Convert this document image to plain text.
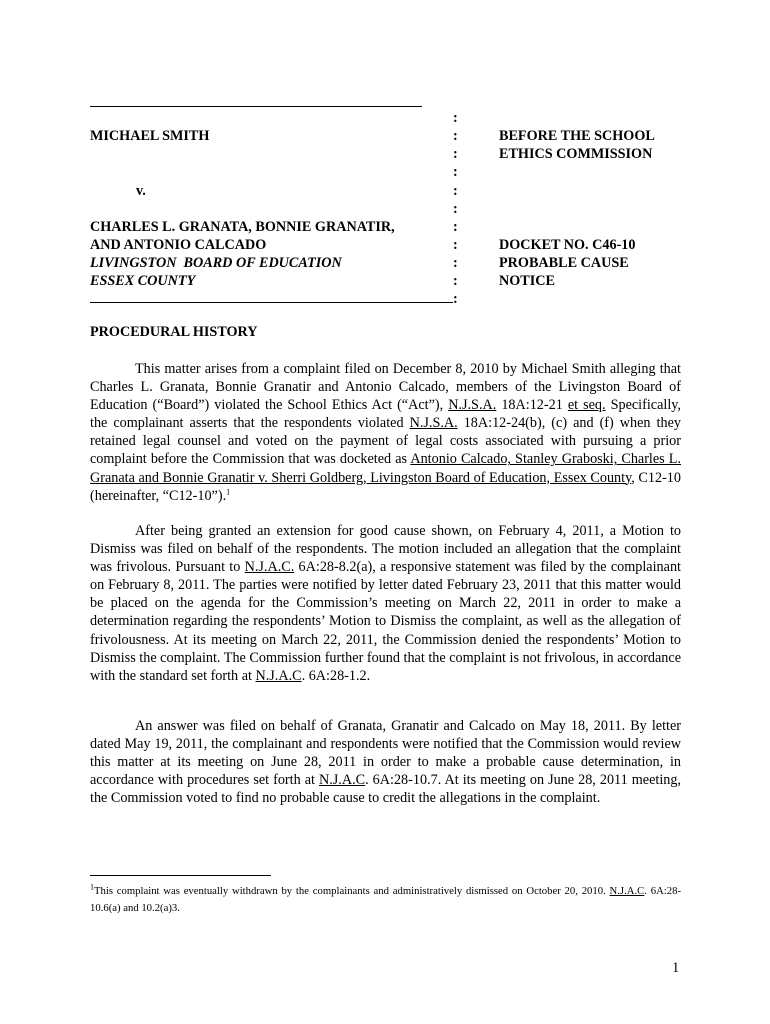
MICHAEL SMITH
v.
CHARLES L. GRANATA, BONNIE GRANATIR,
AND ANTONIO CALCADO
LIVINGSTON  BOARD OF EDUCATION
ESSEX COUNTY
:
:
:
:
:
:
:
:
:
:
:
BEFORE THE SCHOOL
ETHICS COMMISSION
DOCKET NO. C46-10
PROBABLE CAUSE
NOTICE
PROCEDURAL HISTORY

This matter arises from a complaint filed on December 8, 2010 by Michael Smith alleging that Charles L. Granata, Bonnie Granatir and Antonio Calcado, members of the Livingston Board of Education (“Board”) violated the School Ethics Act (“Act”), N.J.S.A. 18A:12-21 et seq. Specifically, the complainant asserts that the respondents violated N.J.S.A. 18A:12-24(b), (c) and (f) when they retained legal counsel and voted on the payment of legal costs associated with pursuing a prior complaint before the Commission that was docketed as Antonio Calcado, Stanley Graboski, Charles L. Granata and Bonnie Granatir v. Sherri Goldberg, Livingston Board of Education, Essex County, C12-10 (hereinafter, “C12-10”).$^1$

After being granted an extension for good cause shown, on February 4, 2011, a Motion to Dismiss was filed on behalf of the respondents. The motion included an allegation that the complaint was frivolous. Pursuant to N.J.A.C. 6A:28-8.2(a), a responsive statement was filed by the complainant on February 8, 2011. The parties were notified by letter dated February 23, 2011 that this matter would be placed on the agenda for the Commission’s meeting on March 22, 2011 in order to make a determination regarding the respondents’ Motion to Dismiss the complaint, as well as the allegation of frivolousness. At its meeting on March 22, 2011, the Commission denied the respondents’ Motion to Dismiss the complaint. The Commission further found that the complaint is not frivolous, in accordance with the standard set forth at N.J.A.C. 6A:28-1.2.

An answer was filed on behalf of Granata, Granatir and Calcado on May 18, 2011. By letter dated May 19, 2011, the complainant and respondents were notified that the Commission would review this matter at its meeting on June 28, 2011 in order to make a probable cause determination, in accordance with procedures set forth at N.J.A.C. 6A:28-10.7. At its meeting on June 28, 2011 meeting, the Commission voted to find no probable cause to credit the allegations in the complaint.

$^1$This complaint was eventually withdrawn by the complainants and administratively dismissed on October 20, 2010. N.J.A.C. 6A:28-10.6(a) and 10.2(a)3.

1
